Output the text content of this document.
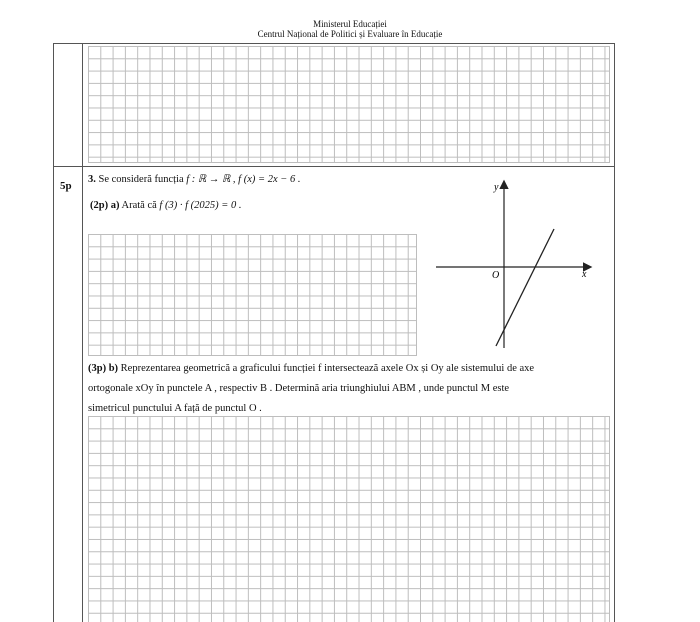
Ministerul Educației
Centrul Național de Politici și Evaluare în Educație
5p
3. Se consideră funcția f : ℝ → ℝ , f (x) = 2x − 6 .
(2p) a) Arată că f (3) · f (2025) = 0 .
y
x
O
(3p) b) Reprezentarea geometrică a graficului funcției f intersectează axele Ox și Oy ale sistemului de axe
ortogonale xOy în punctele A , respectiv B . Determină aria triunghiului ABM , unde punctul M este
simetricul punctului A față de punctul O .
